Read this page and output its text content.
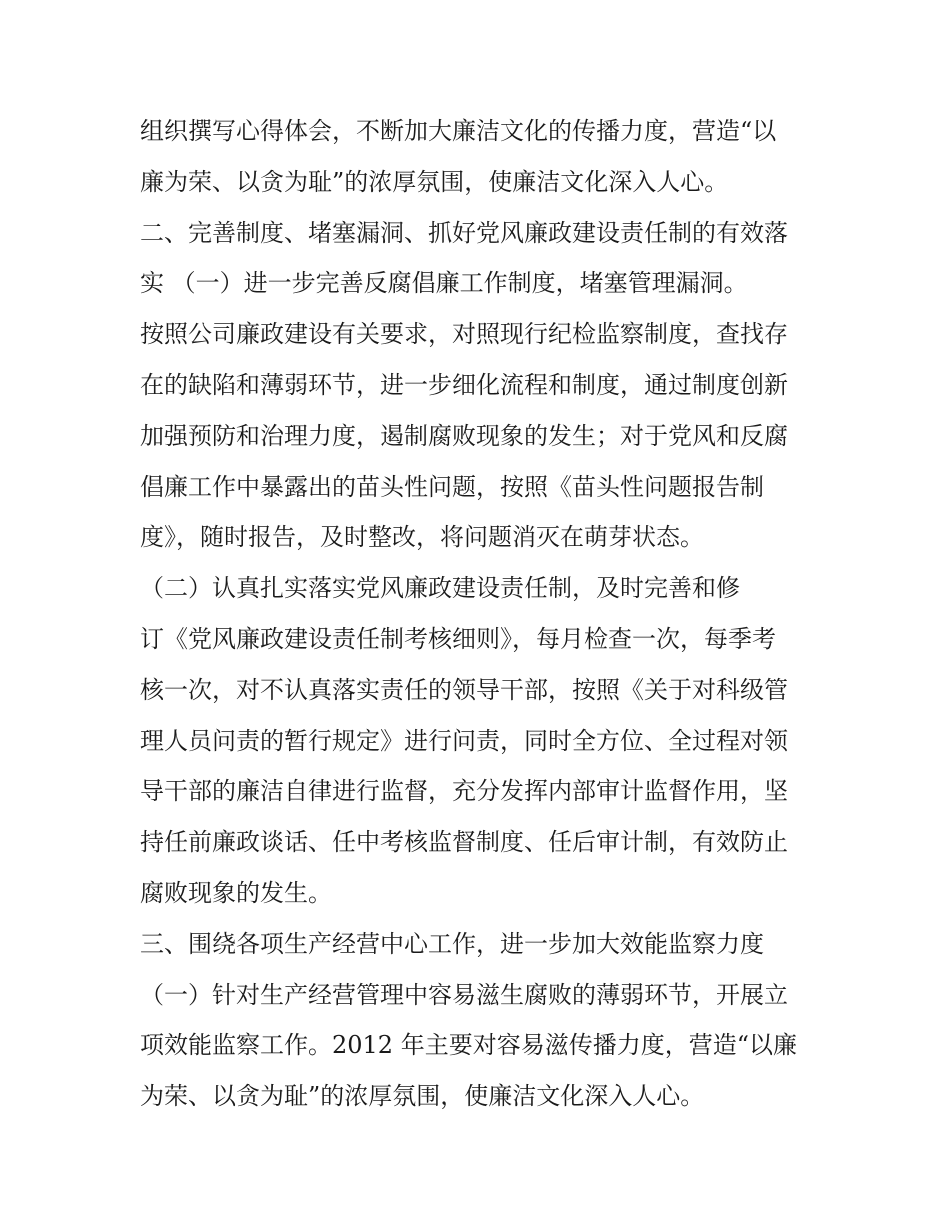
组织撰写心得体会，不断加大廉洁文化的传播力度，营造“以
廉为荣、以贪为耻”的浓厚氛围，使廉洁文化深入人心。
二、完善制度、堵塞漏洞、抓好党风廉政建设责任制的有效落
实 （一）进一步完善反腐倡廉工作制度，堵塞管理漏洞。
按照公司廉政建设有关要求，对照现行纪检监察制度，查找存
在的缺陷和薄弱环节，进一步细化流程和制度，通过制度创新
加强预防和治理力度，遏制腐败现象的发生；对于党风和反腐
倡廉工作中暴露出的苗头性问题，按照《苗头性问题报告制
度》，随时报告，及时整改，将问题消灭在萌芽状态。
（二）认真扎实落实党风廉政建设责任制，及时完善和修
订《党风廉政建设责任制考核细则》，每月检查一次，每季考
核一次，对不认真落实责任的领导干部，按照《关于对科级管
理人员问责的暂行规定》进行问责，同时全方位、全过程对领
导干部的廉洁自律进行监督，充分发挥内部审计监督作用，坚
持任前廉政谈话、任中考核监督制度、任后审计制，有效防止
腐败现象的发生。
三、围绕各项生产经营中心工作，进一步加大效能监察力度
（一）针对生产经营管理中容易滋生腐败的薄弱环节，开展立
项效能监察工作。2012 年主要对容易滋传播力度，营造“以廉
为荣、以贪为耻”的浓厚氛围，使廉洁文化深入人心。
